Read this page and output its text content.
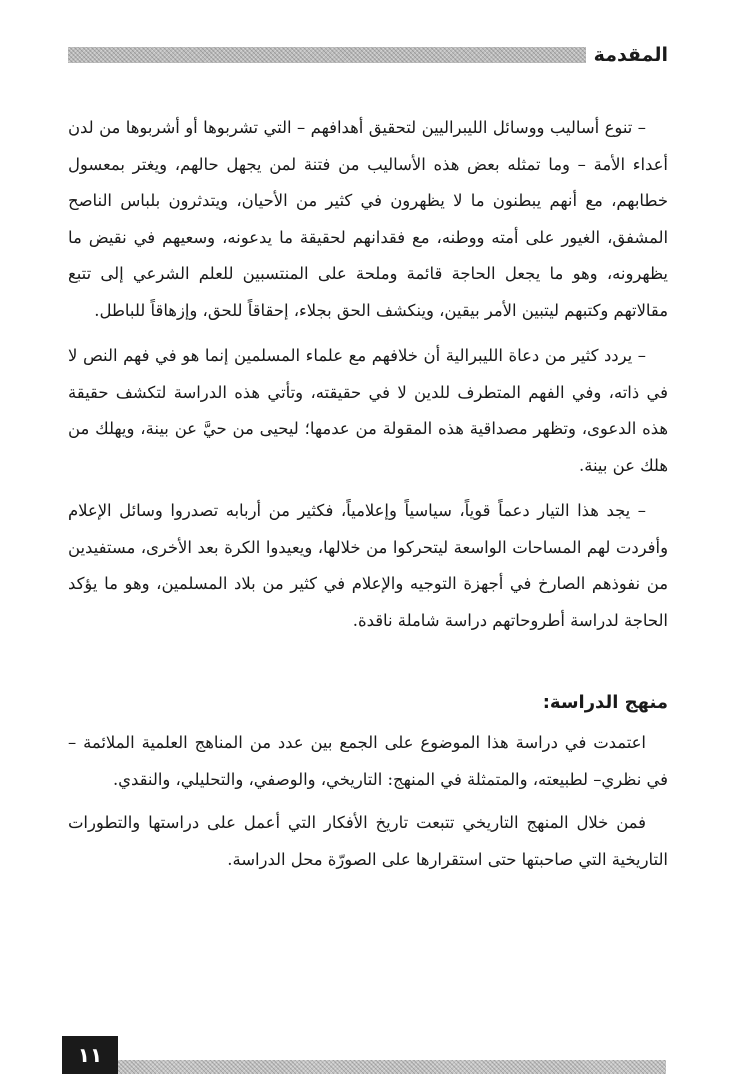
المقدمة

– تنوع أساليب ووسائل الليبراليين لتحقيق أهدافهم – التي تشربوها أو أشربوها من لدن أعداء الأمة – وما تمثله بعض هذه الأساليب من فتنة لمن يجهل حالهم، ويغتر بمعسول خطابهم، مع أنهم يبطنون ما لا يظهرون في كثير من الأحيان، ويتدثرون بلباس الناصح المشفق، الغيور على أمته ووطنه، مع فقدانهم لحقيقة ما يدعونه، وسعيهم في نقيض ما يظهرونه، وهو ما يجعل الحاجة قائمة وملحة على المنتسبين للعلم الشرعي إلى تتبع مقالاتهم وكتبهم ليتبين الأمر بيقين، وينكشف الحق بجلاء، إحقاقاً للحق، وإزهاقاً للباطل.

– يردد كثير من دعاة الليبرالية أن خلافهم مع علماء المسلمين إنما هو في فهم النص لا في ذاته، وفي الفهم المتطرف للدين لا في حقيقته، وتأتي هذه الدراسة لتكشف حقيقة هذه الدعوى، وتظهر مصداقية هذه المقولة من عدمها؛ ليحيى من حيَّ عن بينة، ويهلك من هلك عن بينة.

– يجد هذا التيار دعماً قوياً، سياسياً وإعلامياً، فكثير من أربابه تصدروا وسائل الإعلام وأفردت لهم المساحات الواسعة ليتحركوا من خلالها، ويعيدوا الكرة بعد الأخرى، مستفيدين من نفوذهم الصارخ في أجهزة التوجيه والإعلام في كثير من بلاد المسلمين، وهو ما يؤكد الحاجة لدراسة أطروحاتهم دراسة شاملة ناقدة.

منهج الدراسة:

اعتمدت في دراسة هذا الموضوع على الجمع بين عدد من المناهج العلمية الملائمة – في نظري– لطبيعته، والمتمثلة في المنهج: التاريخي، والوصفي، والتحليلي، والنقدي.

فمن خلال المنهج التاريخي تتبعت تاريخ الأفكار التي أعمل على دراستها والتطورات التاريخية التي صاحبتها حتى استقرارها على الصورّة محل الدراسة.

١١
